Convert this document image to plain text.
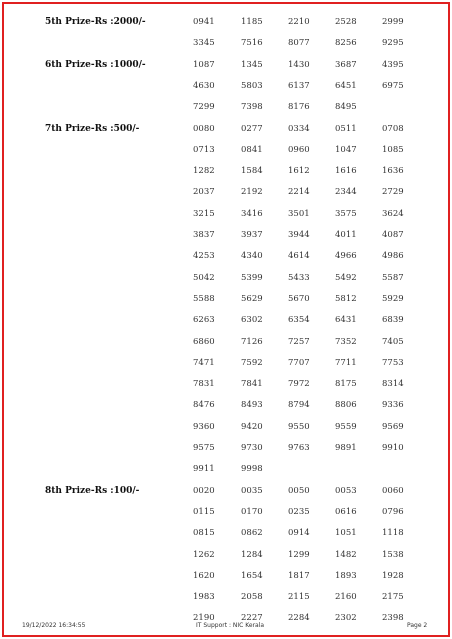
5th Prize-Rs :2000/-	0941	1185	2210	2528	2999
3345	7516	8077	8256	9295
6th Prize-Rs :1000/-	1087	1345	1430	3687	4395
4630	5803	6137	6451	6975
7299	7398	8176	8495
7th Prize-Rs :500/-	0080	0277	0334	0511	0708
0713	0841	0960	1047	1085
1282	1584	1612	1616	1636
2037	2192	2214	2344	2729
3215	3416	3501	3575	3624
3837	3937	3944	4011	4087
4253	4340	4614	4966	4986
5042	5399	5433	5492	5587
5588	5629	5670	5812	5929
6263	6302	6354	6431	6839
6860	7126	7257	7352	7405
7471	7592	7707	7711	7753
7831	7841	7972	8175	8314
8476	8493	8794	8806	9336
9360	9420	9550	9559	9569
9575	9730	9763	9891	9910
9911	9998
8th Prize-Rs :100/-	0020	0035	0050	0053	0060
0115	0170	0235	0616	0796
0815	0862	0914	1051	1118
1262	1284	1299	1482	1538
1620	1654	1817	1893	1928
1983	2058	2115	2160	2175
2190	2227	2284	2302	2398
19/12/2022 16:34:55	IT Support : NIC Kerala	Page 2
